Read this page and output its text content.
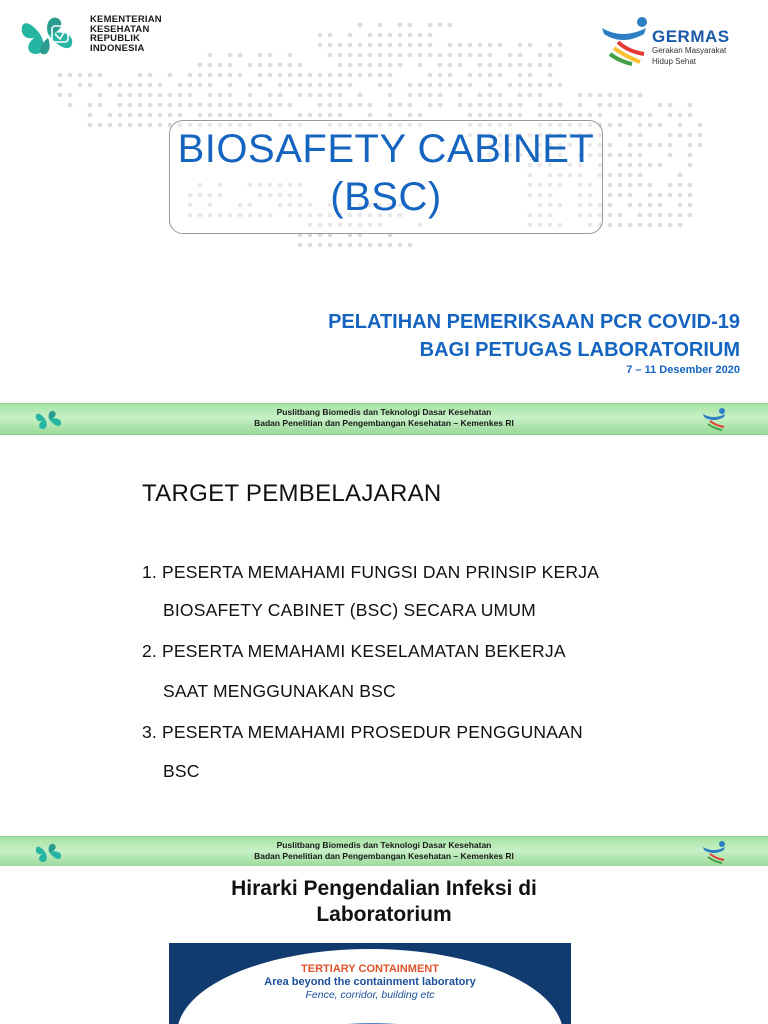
KEMENTERIAN
KESEHATAN
REPUBLIK
INDONESIA
GERMAS
Gerakan Masyarakat
Hidup Sehat
BIOSAFETY CABINET
(BSC)
PELATIHAN PEMERIKSAAN PCR COVID-19
BAGI PETUGAS LABORATORIUM
7 – 11 Desember 2020
Puslitbang Biomedis dan Teknologi Dasar Kesehatan
Badan Penelitian dan Pengembangan Kesehatan – Kemenkes RI
TARGET PEMBELAJARAN
1. PESERTA MEMAHAMI FUNGSI DAN PRINSIP KERJA
BIOSAFETY CABINET (BSC) SECARA UMUM
2. PESERTA MEMAHAMI KESELAMATAN BEKERJA
SAAT MENGGUNAKAN BSC
3. PESERTA MEMAHAMI PROSEDUR PENGGUNAAN
BSC
Puslitbang Biomedis dan Teknologi Dasar Kesehatan
Badan Penelitian dan Pengembangan Kesehatan – Kemenkes RI
Hirarki Pengendalian Infeksi di
Laboratorium
TERTIARY CONTAINMENT
Area beyond the containment laboratory
Fence, corridor, building etc
